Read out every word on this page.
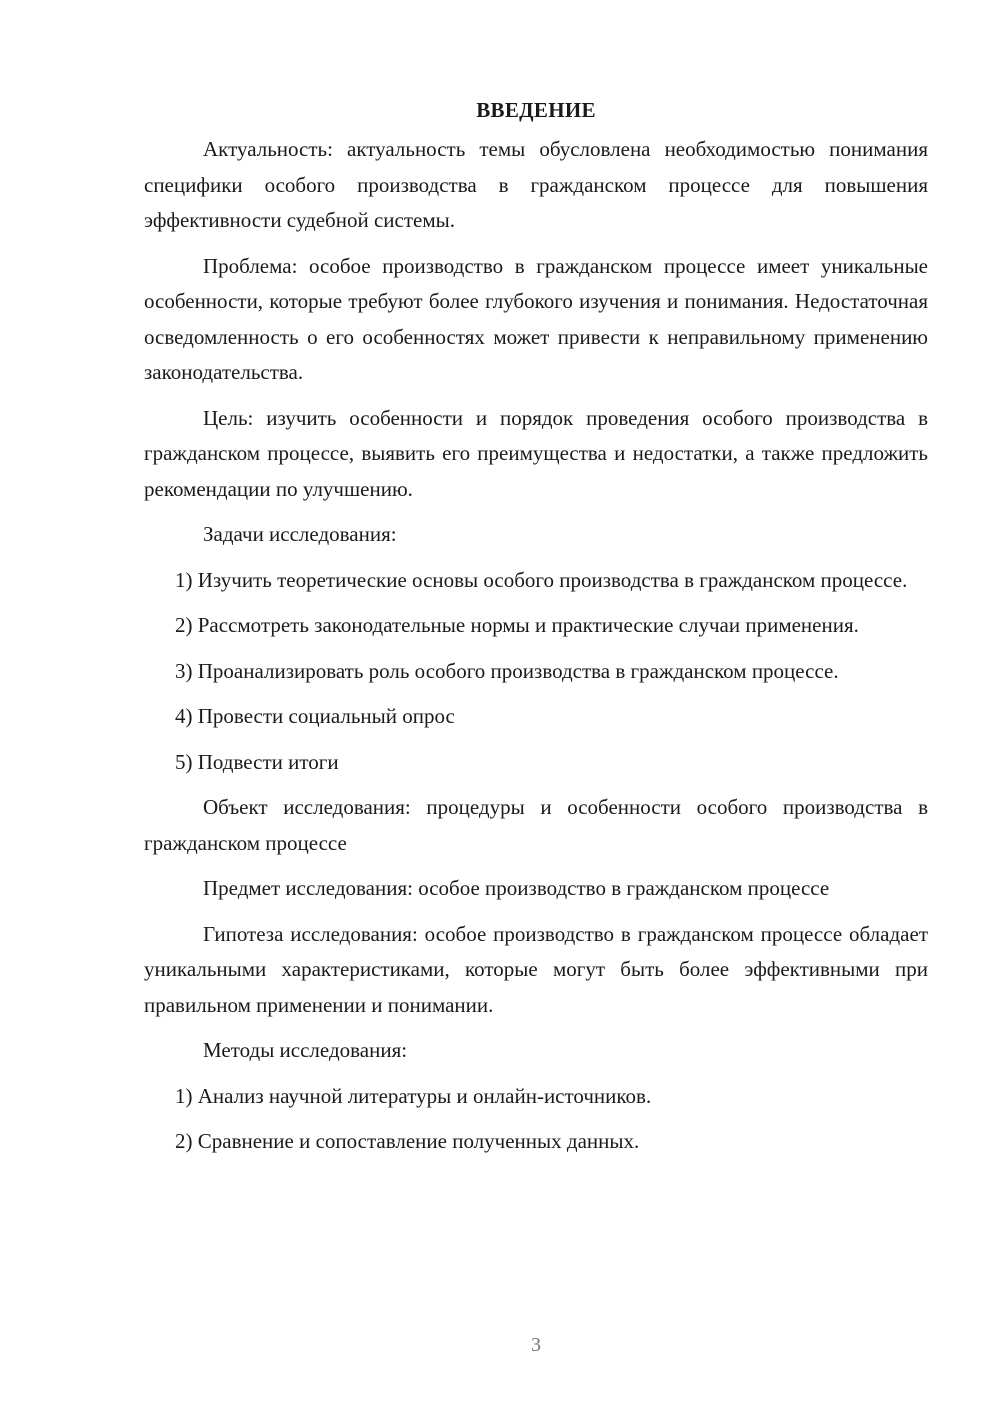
ВВЕДЕНИЕ

Актуальность: актуальность темы обусловлена необходимостью понимания специфики особого производства в гражданском процессе для повышения эффективности судебной системы.

Проблема: особое производство в гражданском процессе имеет уникальные особенности, которые требуют более глубокого изучения и понимания. Недостаточная осведомленность о его особенностях может привести к неправильному применению законодательства.

Цель: изучить особенности и порядок проведения особого производства в гражданском процессе, выявить его преимущества и недостатки, а также предложить рекомендации по улучшению.

Задачи исследования:

1) Изучить теоретические основы особого производства в гражданском процессе.

2) Рассмотреть законодательные нормы и практические случаи применения.

3) Проанализировать роль особого производства в гражданском процессе.

4) Провести социальный опрос

5) Подвести итоги

Объект исследования: процедуры и особенности особого производства в гражданском процессе

Предмет исследования: особое производство в гражданском процессе

Гипотеза исследования: особое производство в гражданском процессе обладает уникальными характеристиками, которые могут быть более эффективными при правильном применении и понимании.

Методы исследования:

1) Анализ научной литературы и онлайн-источников.

2) Сравнение и сопоставление полученных данных.

3
